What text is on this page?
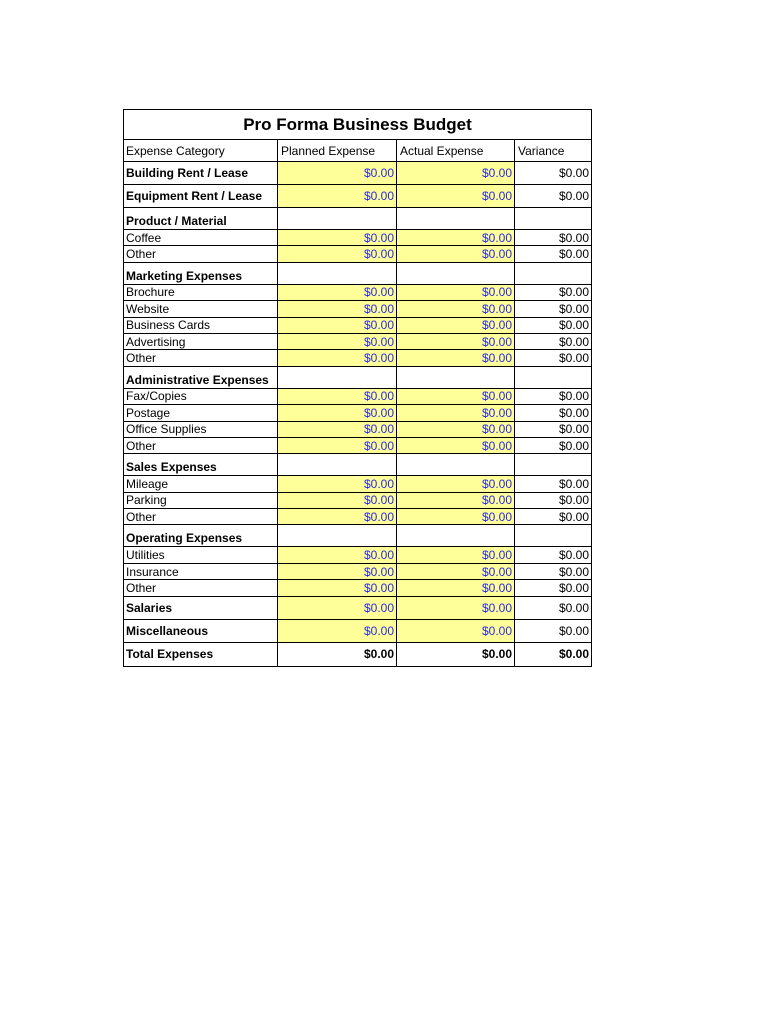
Pro Forma Business Budget
Expense Category	Planned Expense	Actual Expense	Variance
Building Rent / Lease	$0.00	$0.00	$0.00
Equipment Rent / Lease	$0.00	$0.00	$0.00
Product / Material
Coffee	$0.00	$0.00	$0.00
Other	$0.00	$0.00	$0.00
Marketing Expenses
Brochure	$0.00	$0.00	$0.00
Website	$0.00	$0.00	$0.00
Business Cards	$0.00	$0.00	$0.00
Advertising	$0.00	$0.00	$0.00
Other	$0.00	$0.00	$0.00
Administrative Expenses
Fax/Copies	$0.00	$0.00	$0.00
Postage	$0.00	$0.00	$0.00
Office Supplies	$0.00	$0.00	$0.00
Other	$0.00	$0.00	$0.00
Sales Expenses
Mileage	$0.00	$0.00	$0.00
Parking	$0.00	$0.00	$0.00
Other	$0.00	$0.00	$0.00
Operating Expenses
Utilities	$0.00	$0.00	$0.00
Insurance	$0.00	$0.00	$0.00
Other	$0.00	$0.00	$0.00
Salaries	$0.00	$0.00	$0.00
Miscellaneous	$0.00	$0.00	$0.00
Total Expenses	$0.00	$0.00	$0.00
